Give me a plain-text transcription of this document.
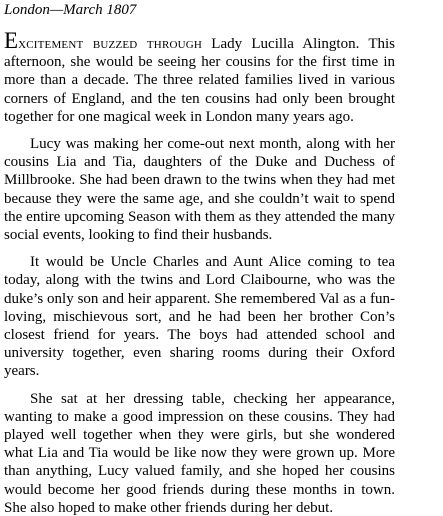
London—March 1807

Excitement buzzed through Lady Lucilla Alington. This afternoon, she would be seeing her cousins for the first time in more than a decade. The three related families lived in various corners of England, and the ten cousins had only been brought together for one magical week in London many years ago.

Lucy was making her come-out next month, along with her cousins Lia and Tia, daughters of the Duke and Duchess of Millbrooke. She had been drawn to the twins when they had met because they were the same age, and she couldn’t wait to spend the entire upcoming Season with them as they attended the many social events, looking to find their husbands.

It would be Uncle Charles and Aunt Alice coming to tea today, along with the twins and Lord Claibourne, who was the duke’s only son and heir apparent. She remembered Val as a fun-loving, mischievous sort, and he had been her brother Con’s closest friend for years. The boys had attended school and university together, even sharing rooms during their Oxford years.

She sat at her dressing table, checking her appearance, wanting to make a good impression on these cousins. They had played well together when they were girls, but she wondered what Lia and Tia would be like now they were grown up. More than anything, Lucy valued family, and she hoped her cousins would become her good friends during these months in town. She also hoped to make other friends during her debut.
